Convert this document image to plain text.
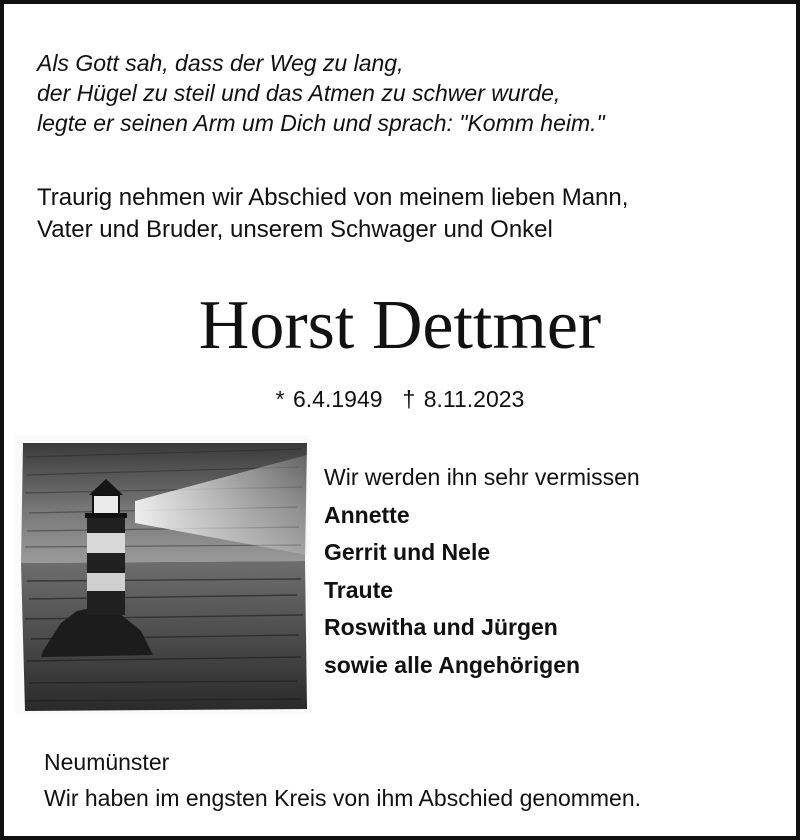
Als Gott sah, dass der Weg zu lang,
der Hügel zu steil und das Atmen zu schwer wurde,
legte er seinen Arm um Dich und sprach: "Komm heim."
Traurig nehmen wir Abschied von meinem lieben Mann,
Vater und Bruder, unserem Schwager und Onkel
Horst Dettmer
* 6.4.1949 † 8.11.2023
Wir werden ihn sehr vermissen
Annette
Gerrit und Nele
Traute
Roswitha und Jürgen
sowie alle Angehörigen
Neumünster
Wir haben im engsten Kreis von ihm Abschied genommen.
